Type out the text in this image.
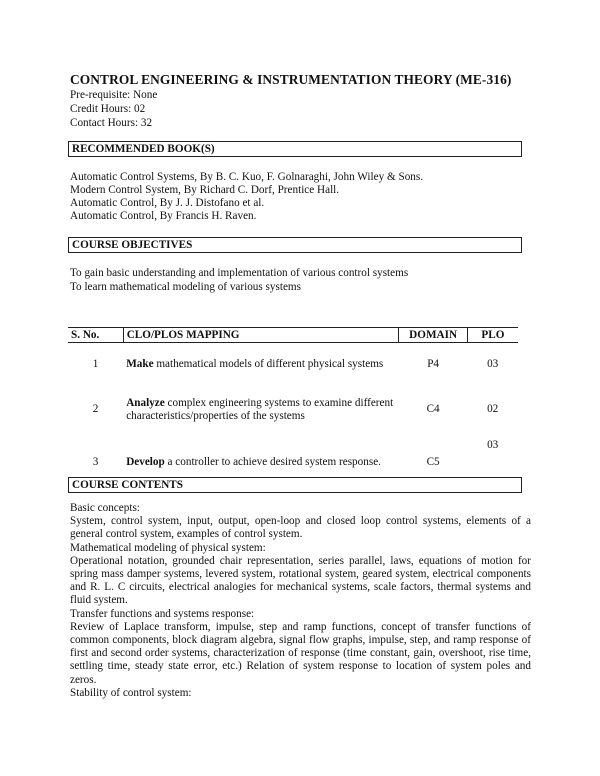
CONTROL ENGINEERING & INSTRUMENTATION THEORY (ME-316)
Pre-requisite: None
Credit Hours: 02
Contact Hours: 32
RECOMMENDED BOOK(S)
Automatic Control Systems, By B. C. Kuo, F. Golnaraghi, John Wiley & Sons.
Modern Control System, By Richard C. Dorf, Prentice Hall.
Automatic Control, By J. J. Distofano et al.
Automatic Control, By Francis H. Raven.
COURSE OBJECTIVES
To gain basic understanding and implementation of various control systems
To learn mathematical modeling of various systems
S. No.	CLO/PLOS MAPPING	DOMAIN	PLO
1	Make mathematical models of different physical systems	P4	03
2	Analyze complex engineering systems to examine different characteristics/properties of the systems	C4	02
3	Develop a controller to achieve desired system response.	C5	03
COURSE CONTENTS

Basic concepts:

System, control system, input, output, open-loop and closed loop control systems, elements of a general control system, examples of control system.

Mathematical modeling of physical system:

Operational notation, grounded chair representation, series parallel, laws, equations of motion for spring mass damper systems, levered system, rotational system, geared system, electrical components and R. L. C circuits, electrical analogies for mechanical systems, scale factors, thermal systems and fluid system.

Transfer functions and systems response:

Review of Laplace transform, impulse, step and ramp functions, concept of transfer functions of common components, block diagram algebra, signal flow graphs, impulse, step, and ramp response of first and second order systems, characterization of response (time constant, gain, overshoot, rise time, settling time, steady state error, etc.) Relation of system response to location of system poles and zeros.

Stability of control system:
